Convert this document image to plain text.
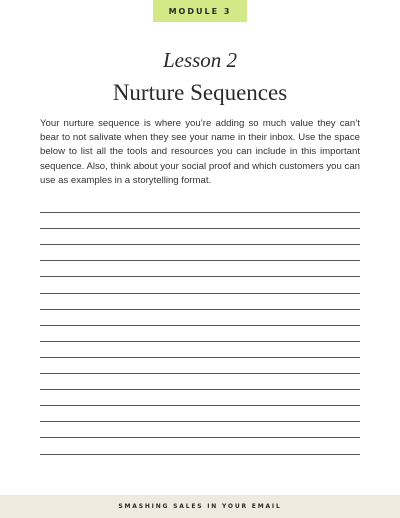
MODULE 3
Lesson 2
Nurture Sequences

Your nurture sequence is where you’re adding so much value they can’t bear to not salivate when they see your name in their inbox. Use the space below to list all the tools and resources you can include in this important sequence. Also, think about your social proof and which customers you can use as examples in a storytelling format.

SMASHING SALES IN YOUR EMAIL
